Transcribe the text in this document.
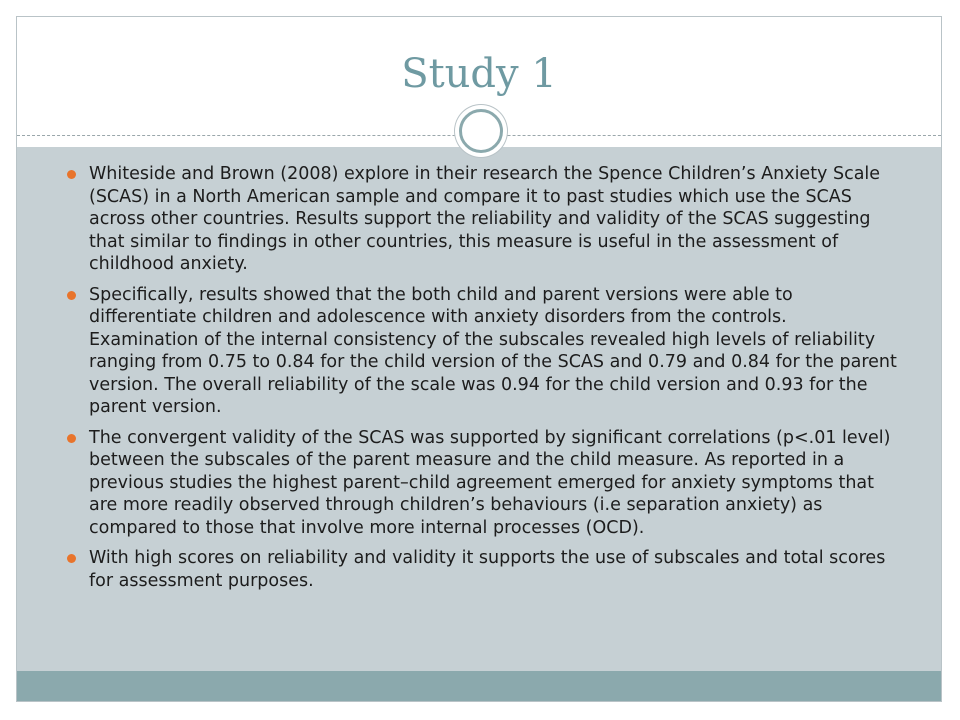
Study 1
Whiteside and Brown (2008) explore in their research the Spence Children’s Anxiety Scale (SCAS) in a North American sample and compare it to past studies which use the SCAS across other countries. Results support the reliability and validity of the SCAS suggesting that similar to findings in other countries, this measure is useful in the assessment of childhood anxiety.
Specifically, results showed that the both child and parent versions were able to differentiate children and adolescence with anxiety disorders from the controls. Examination of the internal consistency of the subscales revealed high levels of reliability ranging from 0.75 to 0.84 for the child version of the SCAS and 0.79 and 0.84 for the parent version. The overall reliability of the scale was 0.94 for the child version and 0.93 for the parent version.
The convergent validity of the SCAS was supported by significant correlations (p<.01 level) between the subscales of the parent measure and the child measure. As reported in a previous studies the highest parent–child agreement emerged for anxiety symptoms that are more readily observed through children’s behaviours (i.e separation anxiety) as compared to those that involve more internal processes (OCD).
With high scores on reliability and validity it supports the use of subscales and total scores for assessment purposes.
